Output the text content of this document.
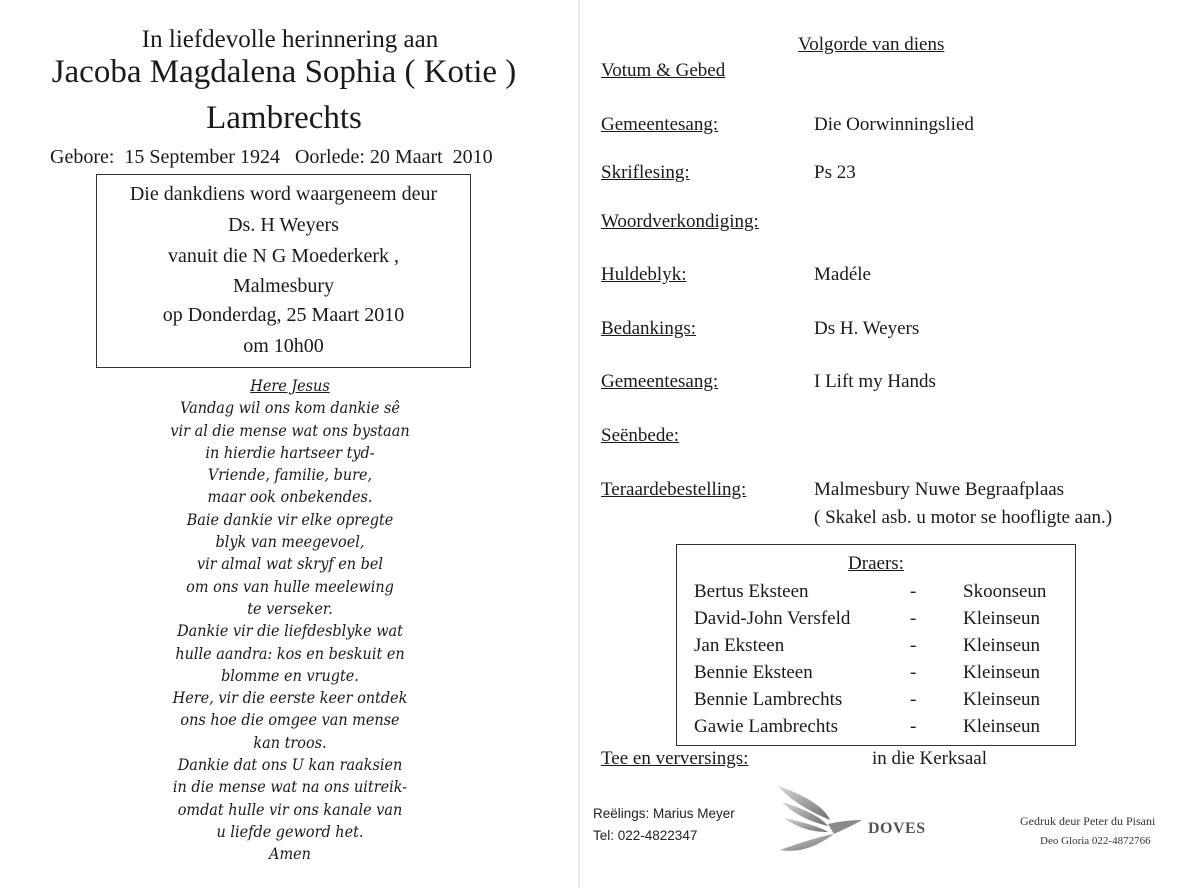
In liefdevolle herinnering aan
Jacoba Magdalena Sophia ( Kotie )
Lambrechts
Gebore:  15 September 1924   Oorlede: 20 Maart  2010
Die dankdiens word waargeneem deur
Ds. H Weyers
vanuit die N G Moederkerk ,
Malmesbury
op Donderdag, 25 Maart 2010
om 10h00
Here Jesus
Vandag wil ons kom dankie sê
vir al die mense wat ons bystaan
in hierdie hartseer tyd-
Vriende, familie, bure,
maar ook onbekendes.
Baie dankie vir elke opregte
blyk van meegevoel,
vir almal wat skryf en bel
om ons van hulle meelewing
te verseker.
Dankie vir die liefdesblyke wat
hulle aandra: kos en beskuit en
blomme en vrugte.
Here, vir die eerste keer ontdek
ons hoe die omgee van mense
kan troos.
Dankie dat ons U kan raaksien
in die mense wat na ons uitreik-
omdat hulle vir ons kanale van
u liefde geword het.
Amen
Volgorde van diens
Votum & Gebed
Gemeentesang:	Die Oorwinningslied
Skriflesing:	Ps 23
Woordverkondiging:
Huldeblyk:	Madéle
Bedankings:	Ds H. Weyers
Gemeentesang:	I Lift my Hands
Seënbede:
Teraardebestelling:	Malmesbury Nuwe Begraafplaas
( Skakel asb. u motor se hoofligte aan.)
Draers:
Bertus Eksteen	- Skoonseun
David-John Versfeld	- Kleinseun
Jan Eksteen	- Kleinseun
Bennie Eksteen	- Kleinseun
Bennie Lambrechts	- Kleinseun
Gawie Lambrechts	- Kleinseun
Tee en verversings:	in die Kerksaal
Reëlings: Marius Meyer
Tel: 022-4822347	DOVES	Gedruk deur Peter du Pisani
Deo Gloria 022-4872766
